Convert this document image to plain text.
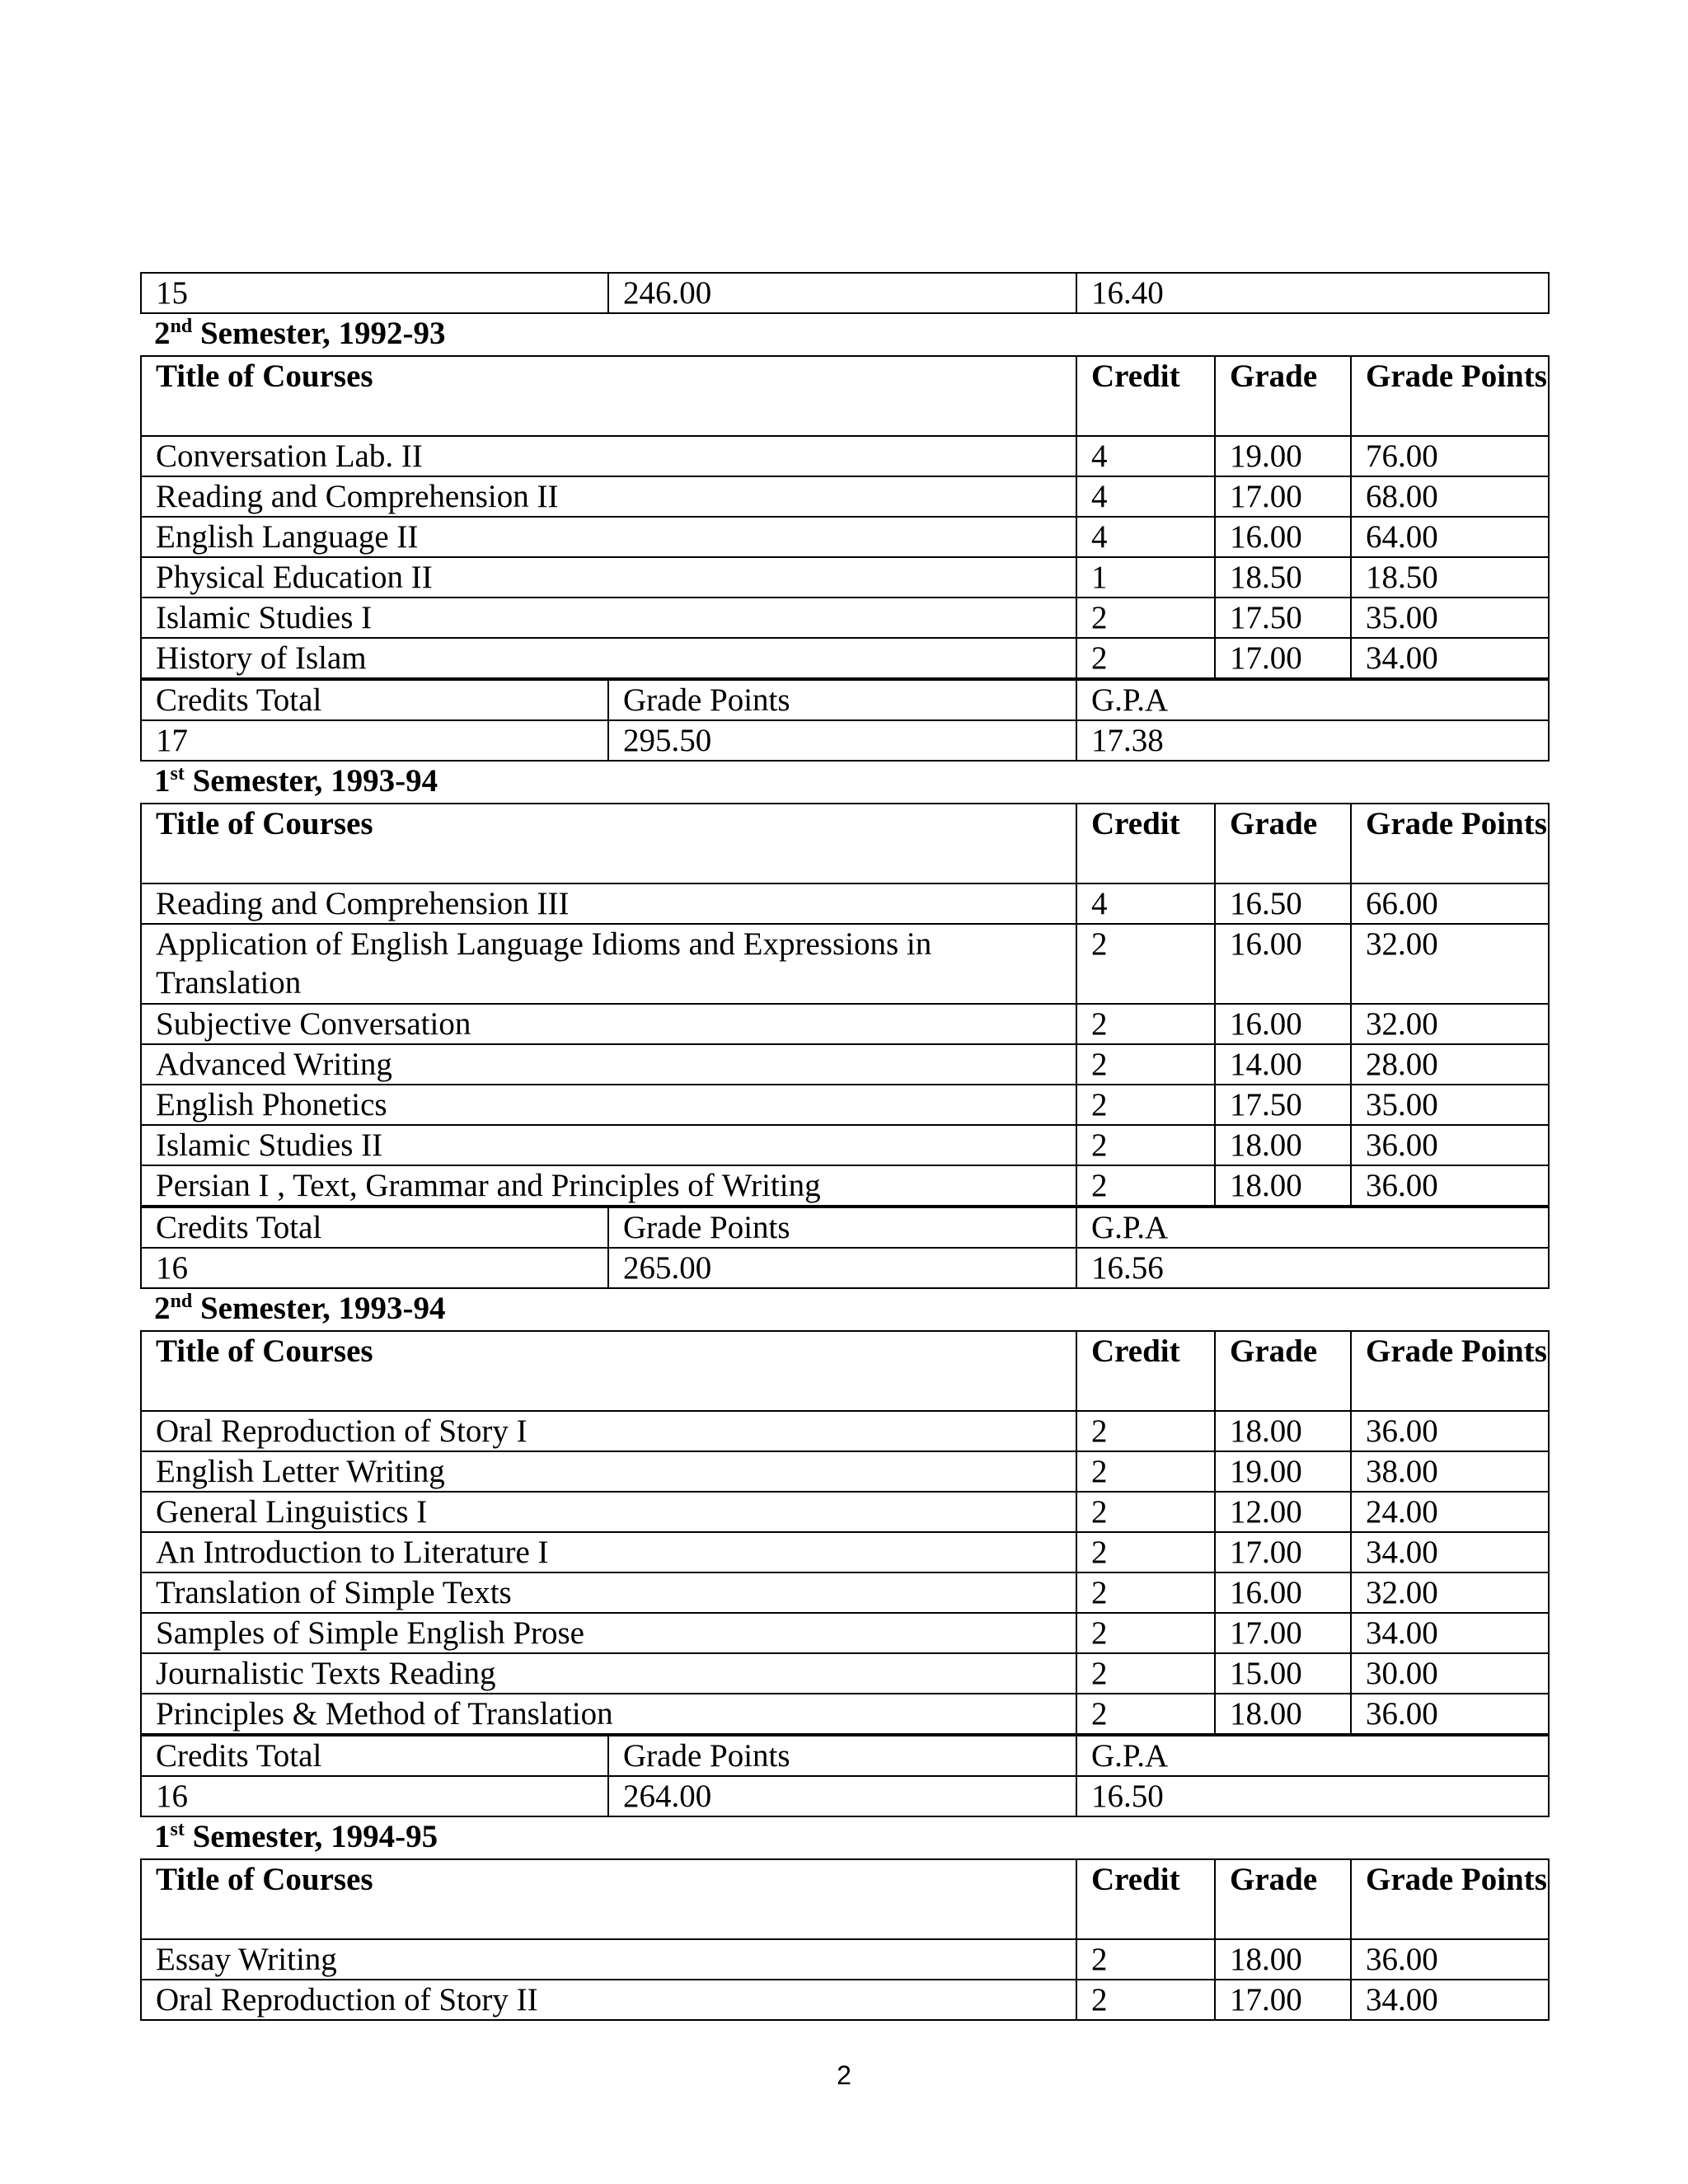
15	246.00	16.40
2nd Semester, 1992-93
Title of Courses	Credit	Grade	Grade Points
Conversation Lab. II	4	19.00	76.00
Reading and Comprehension II	4	17.00	68.00
English Language II	4	16.00	64.00
Physical Education II	1	18.50	18.50
Islamic Studies I	2	17.50	35.00
History of Islam	2	17.00	34.00
Credits Total	Grade Points	G.P.A
17	295.50	17.38
1st Semester, 1993-94
Title of Courses	Credit	Grade	Grade Points
Reading and Comprehension III	4	16.50	66.00
Application of English Language Idioms and Expressions in Translation	2	16.00	32.00
Subjective Conversation	2	16.00	32.00
Advanced Writing	2	14.00	28.00
English Phonetics	2	17.50	35.00
Islamic Studies II	2	18.00	36.00
Persian I , Text, Grammar and Principles of Writing	2	18.00	36.00
Credits Total	Grade Points	G.P.A
16	265.00	16.56
2nd Semester, 1993-94
Title of Courses	Credit	Grade	Grade Points
Oral Reproduction of Story I	2	18.00	36.00
English Letter Writing	2	19.00	38.00
General Linguistics I	2	12.00	24.00
An Introduction to Literature I	2	17.00	34.00
Translation of Simple Texts	2	16.00	32.00
Samples of Simple English Prose	2	17.00	34.00
Journalistic Texts Reading	2	15.00	30.00
Principles & Method of Translation	2	18.00	36.00
Credits Total	Grade Points	G.P.A
16	264.00	16.50
1st Semester, 1994-95
Title of Courses	Credit	Grade	Grade Points
Essay Writing	2	18.00	36.00
Oral Reproduction of Story II	2	17.00	34.00
2
